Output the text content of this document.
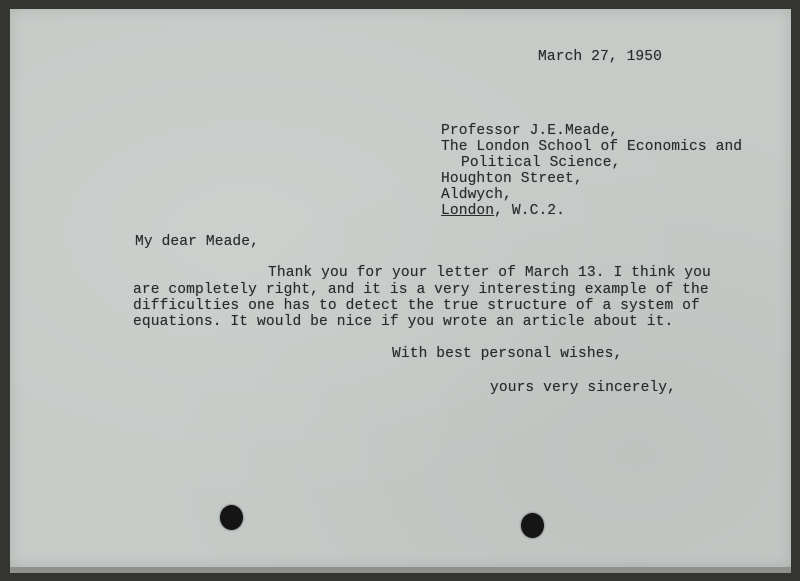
March 27, 1950

Professor J.E.Meade,

The London School of Economics and

Political Science,

Houghton Street,

Aldwych,

London, W.C.2.

My dear Meade,

Thank you for your letter of March 13. I think you

are completely right, and it is a very interesting example of the

difficulties one has to detect the true structure of a system of

equations. It would be nice if you wrote an article about it.

With best personal wishes,

yours very sincerely,
